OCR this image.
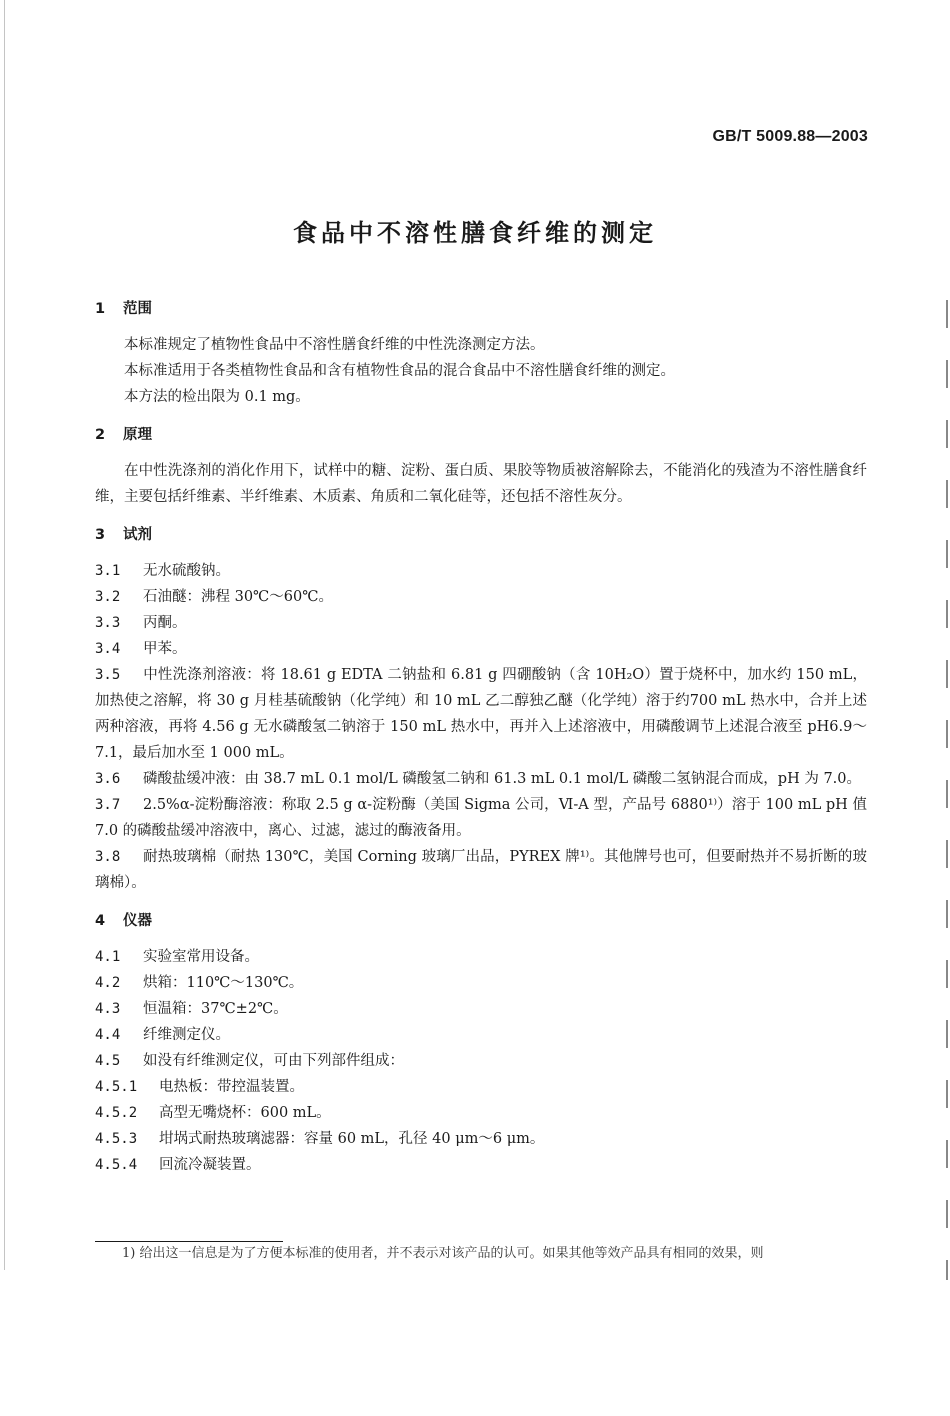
GB/T 5009.88—2003
食品中不溶性膳食纤维的测定
1 范围

本标准规定了植物性食品中不溶性膳食纤维的中性洗涤测定方法。

本标准适用于各类植物性食品和含有植物性食品的混合食品中不溶性膳食纤维的测定。

本方法的检出限为 0.1 mg。

2 原理

在中性洗涤剂的消化作用下，试样中的糖、淀粉、蛋白质、果胶等物质被溶解除去，不能消化的残渣为不溶性膳食纤维，主要包括纤维素、半纤维素、木质素、角质和二氧化硅等，还包括不溶性灰分。

3 试剂

3.1 无水硫酸钠。

3.2 石油醚：沸程 30℃～60℃。

3.3 丙酮。

3.4 甲苯。

3.5 中性洗涤剂溶液：将 18.61 g EDTA 二钠盐和 6.81 g 四硼酸钠（含 10H₂O）置于烧杯中，加水约 150 mL，加热使之溶解，将 30 g 月桂基硫酸钠（化学纯）和 10 mL 乙二醇独乙醚（化学纯）溶于约700 mL 热水中，合并上述两种溶液，再将 4.56 g 无水磷酸氢二钠溶于 150 mL 热水中，再并入上述溶液中，用磷酸调节上述混合液至 pH6.9～7.1，最后加水至 1 000 mL。

3.6 磷酸盐缓冲液：由 38.7 mL 0.1 mol/L 磷酸氢二钠和 61.3 mL 0.1 mol/L 磷酸二氢钠混合而成，pH 为 7.0。

3.7 2.5%α-淀粉酶溶液：称取 2.5 g α-淀粉酶（美国 Sigma 公司，Ⅵ-A 型，产品号 6880¹⁾）溶于 100 mL pH 值 7.0 的磷酸盐缓冲溶液中，离心、过滤，滤过的酶液备用。

3.8 耐热玻璃棉（耐热 130℃，美国 Corning 玻璃厂出品，PYREX 牌¹⁾。其他牌号也可，但要耐热并不易折断的玻璃棉）。

4 仪器

4.1 实验室常用设备。

4.2 烘箱：110℃～130℃。

4.3 恒温箱：37℃±2℃。

4.4 纤维测定仪。

4.5 如没有纤维测定仪，可由下列部件组成：

4.5.1 电热板：带控温装置。

4.5.2 高型无嘴烧杯：600 mL。

4.5.3 坩埚式耐热玻璃滤器：容量 60 mL，孔径 40 μm～6 μm。

4.5.4 回流冷凝装置。

1) 给出这一信息是为了方便本标准的使用者，并不表示对该产品的认可。如果其他等效产品具有相同的效果，则
